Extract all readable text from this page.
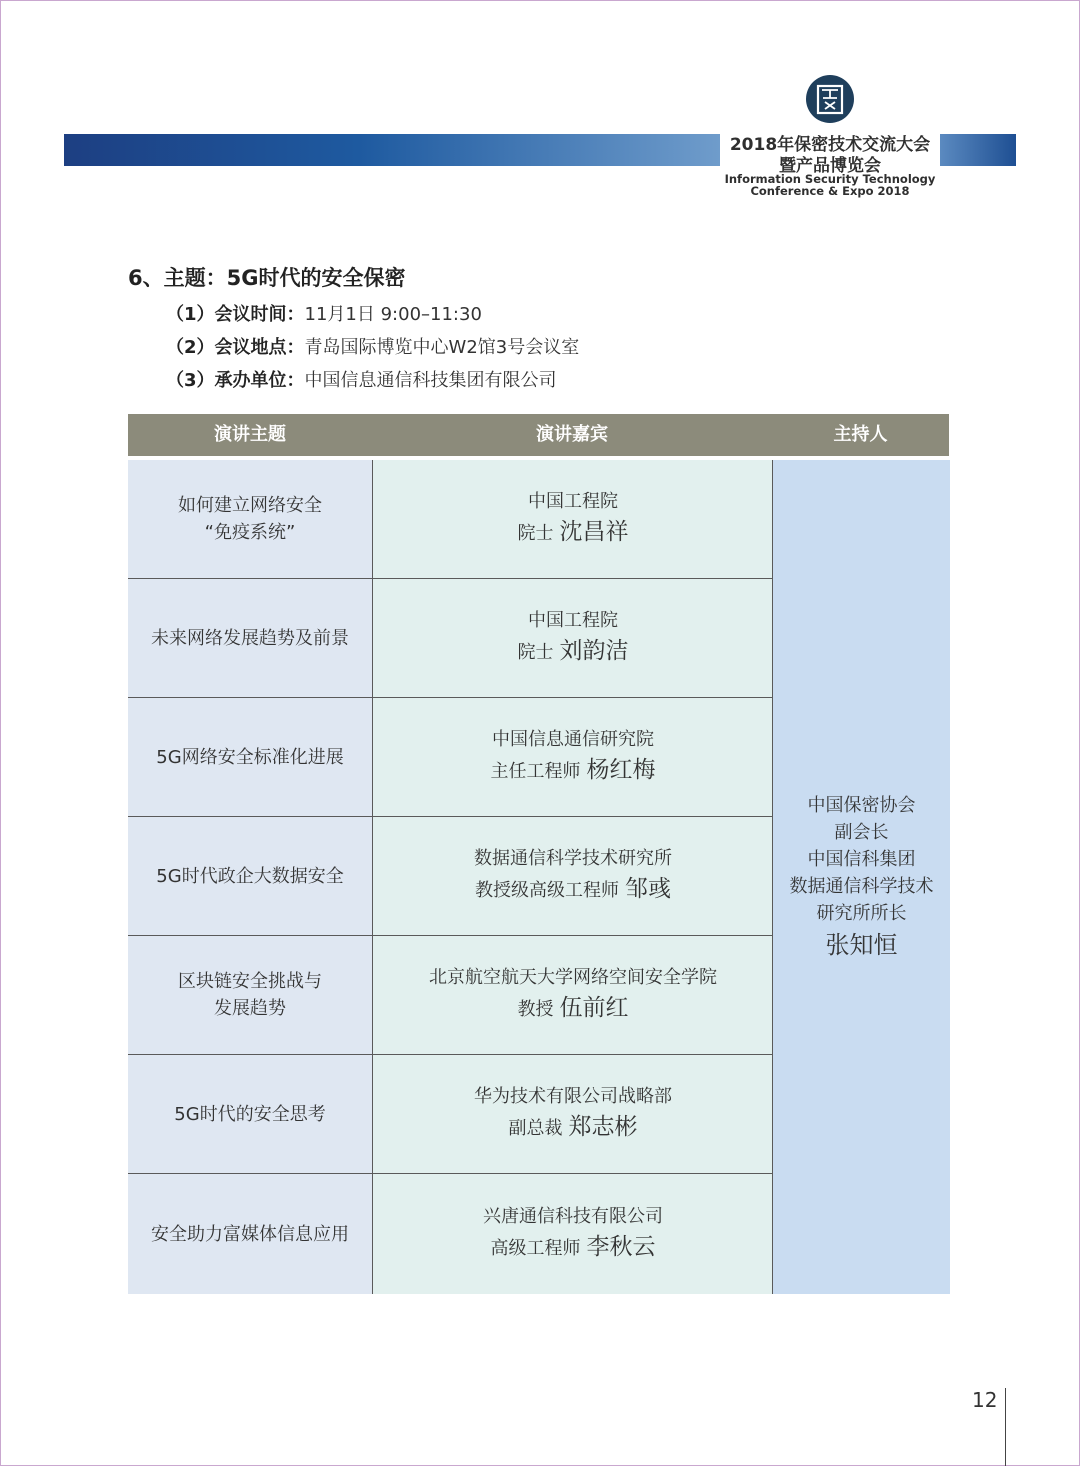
2018年保密技术交流大会
暨产品博览会
Information Security Technology
Conference & Expo 2018
6、主题：5G时代的安全保密
（1）会议时间：11月1日 9:00–11:30
（2）会议地点：青岛国际博览中心W2馆3号会议室
（3）承办单位：中国信息通信科技集团有限公司
演讲主题	演讲嘉宾	主持人
如何建立网络安全
“免疫系统”
中国工程院
院士 沈昌祥
未来网络发展趋势及前景
中国工程院
院士 刘韵洁
5G网络安全标准化进展
中国信息通信研究院
主任工程师 杨红梅
5G时代政企大数据安全
数据通信科学技术研究所
教授级高级工程师 邹彧
区块链安全挑战与
发展趋势
北京航空航天大学网络空间安全学院
教授 伍前红
5G时代的安全思考
华为技术有限公司战略部
副总裁 郑志彬
安全助力富媒体信息应用
兴唐通信科技有限公司
高级工程师 李秋云
中国保密协会
副会长
中国信科集团
数据通信科学技术
研究所所长
张知恒
12
